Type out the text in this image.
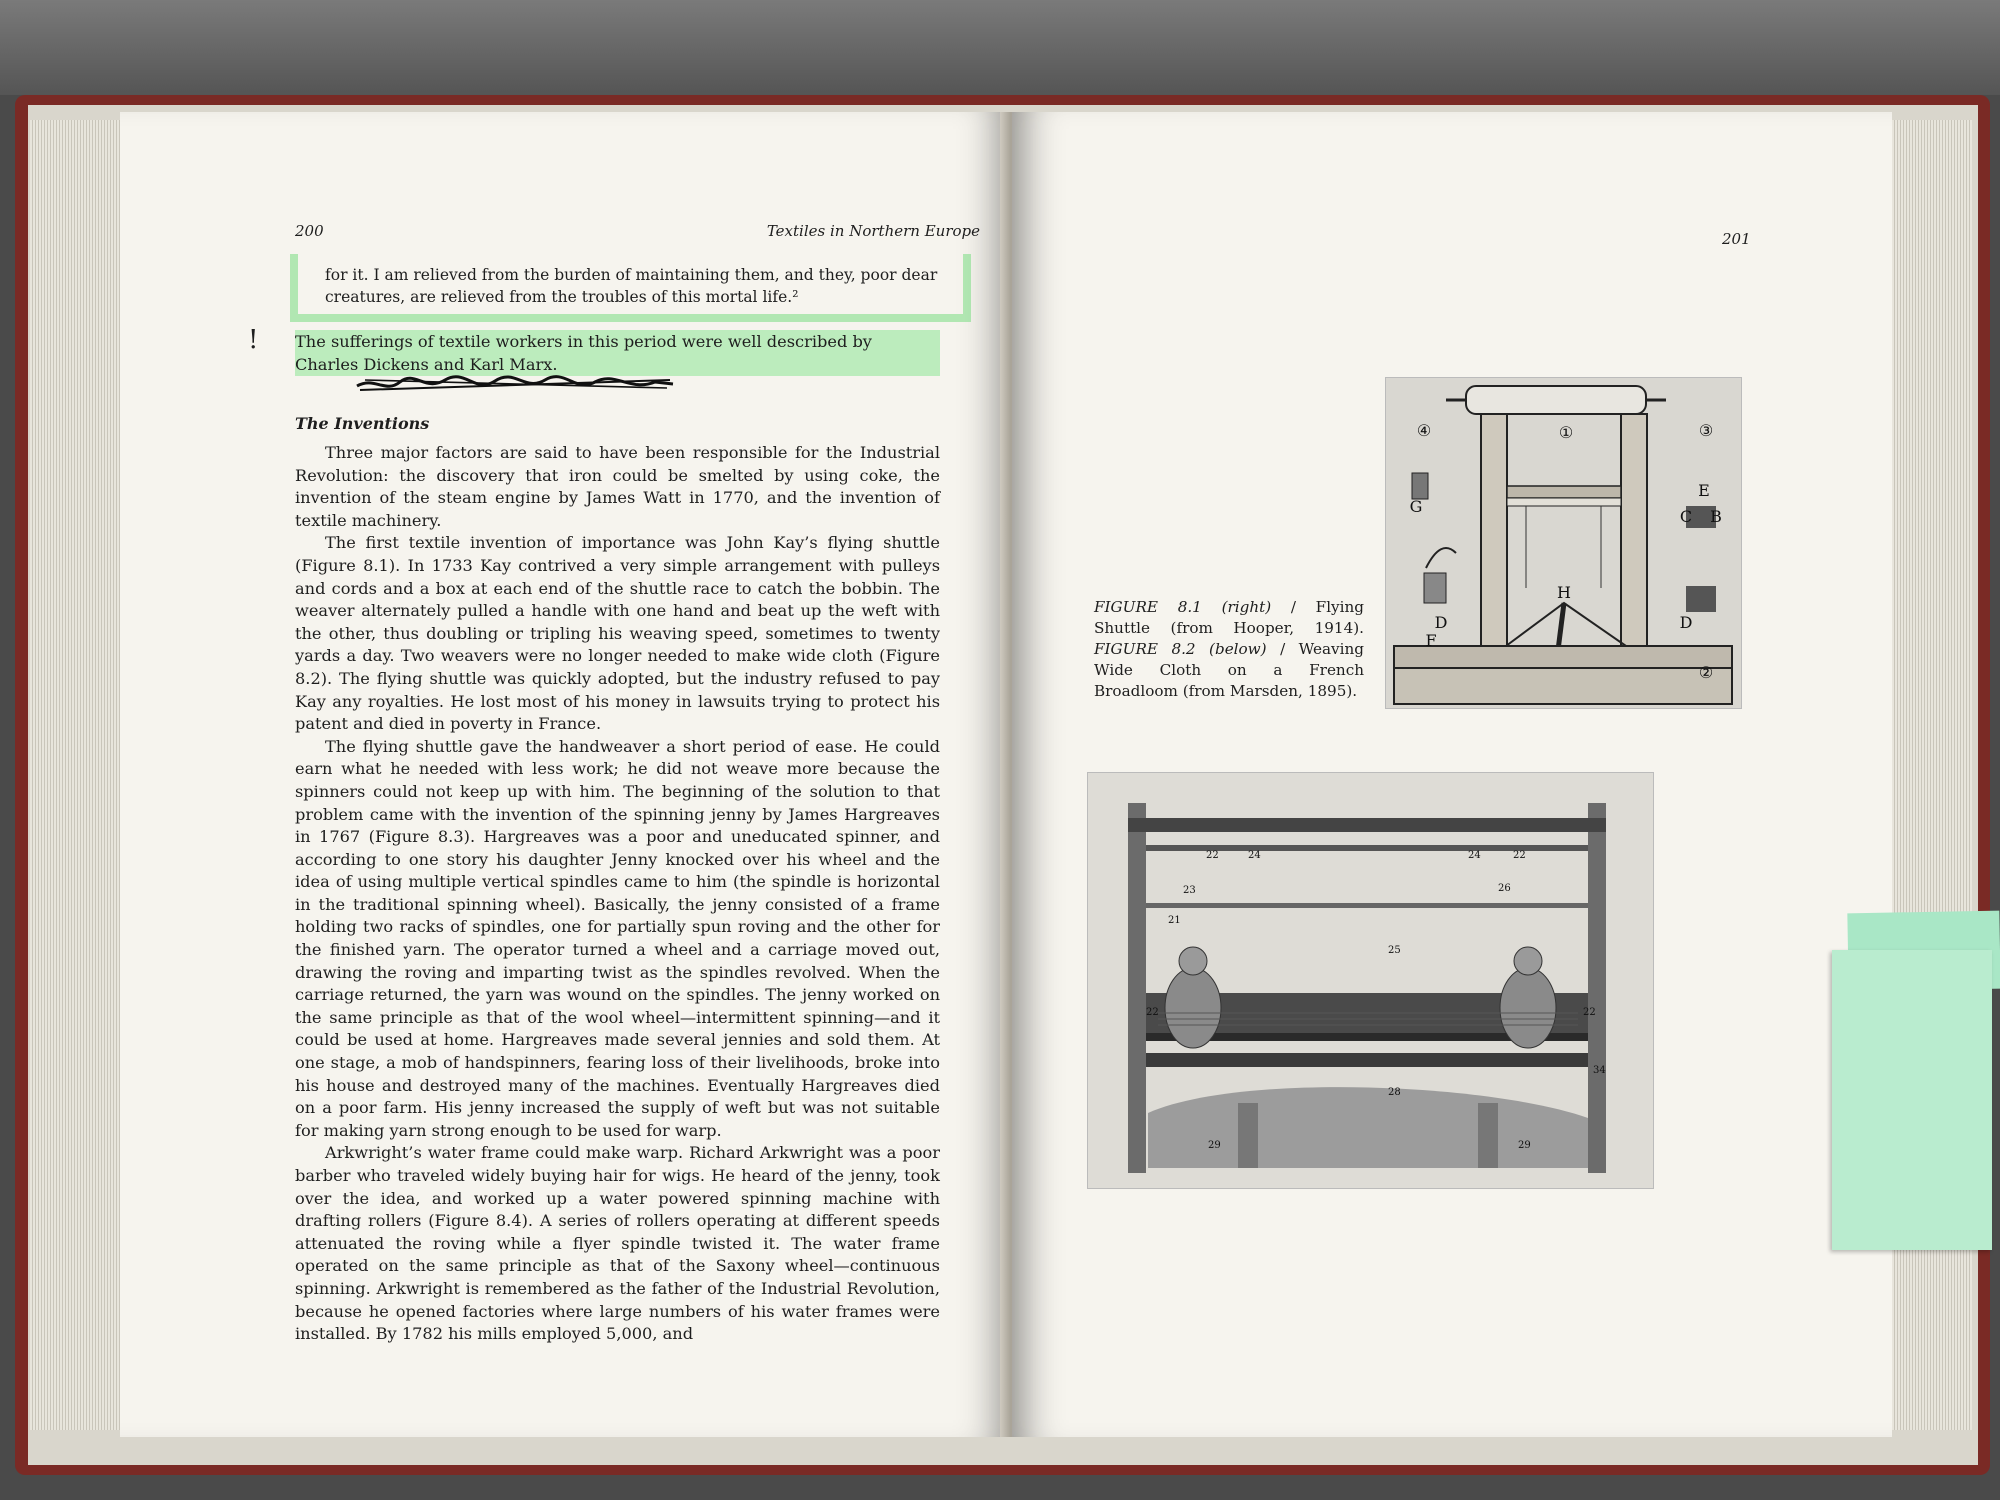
200	Textiles in Northern Europe
for it. I am relieved from the burden of maintaining them, and they, poor dear creatures, are relieved from the troubles of this mortal life.²
! The sufferings of textile workers in this period were well described by Charles Dickens and Karl Marx.
The Inventions

Three major factors are said to have been responsible for the Industrial Revolution: the discovery that iron could be smelted by using coke, the invention of the steam engine by James Watt in 1770, and the invention of textile machinery.

The first textile invention of importance was John Kay’s flying shuttle (Figure 8.1). In 1733 Kay contrived a very simple arrangement with pulleys and cords and a box at each end of the shuttle race to catch the bobbin. The weaver alternately pulled a handle with one hand and beat up the weft with the other, thus doubling or tripling his weaving speed, sometimes to twenty yards a day. Two weavers were no longer needed to make wide cloth (Figure 8.2). The flying shuttle was quickly adopted, but the industry refused to pay Kay any royalties. He lost most of his money in lawsuits trying to protect his patent and died in poverty in France.

The flying shuttle gave the handweaver a short period of ease. He could earn what he needed with less work; he did not weave more because the spinners could not keep up with him. The beginning of the solution to that problem came with the invention of the spinning jenny by James Hargreaves in 1767 (Figure 8.3). Hargreaves was a poor and uneducated spinner, and according to one story his daughter Jenny knocked over his wheel and the idea of using multiple vertical spindles came to him (the spindle is horizontal in the traditional spinning wheel). Basically, the jenny consisted of a frame holding two racks of spindles, one for partially spun roving and the other for the finished yarn. The operator turned a wheel and a carriage moved out, drawing the roving and imparting twist as the spindles revolved. When the carriage returned, the yarn was wound on the spindles. The jenny worked on the same principle as that of the wool wheel—intermittent spinning—and it could be used at home. Hargreaves made several jennies and sold them. At one stage, a mob of handspinners, fearing loss of their livelihoods, broke into his house and destroyed many of the machines. Eventually Hargreaves died on a poor farm. His jenny increased the supply of weft but was not suitable for making yarn strong enough to be used for warp.

Arkwright’s water frame could make warp. Richard Arkwright was a poor barber who traveled widely buying hair for wigs. He heard of the jenny, took over the idea, and worked up a water powered spinning machine with drafting rollers (Figure 8.4). A series of rollers operating at different speeds attenuated the roving while a flyer spindle twisted it. The water frame operated on the same principle as that of the Saxony wheel—continuous spinning. Arkwright is remembered as the father of the Industrial Revolution, because he opened factories where large numbers of his water frames were installed. By 1782 his mills employed 5,000, and

201
FIGURE 8.1 (right) / Flying Shuttle (from Hooper, 1914). FIGURE 8.2 (below) / Weaving Wide Cloth on a French Broadloom (from Marsden, 1895).
①
②
③
④
B
C
D	D
E
F
G
H
22	24	24	22
23	26
21
25
28
29	29
34
22
22
